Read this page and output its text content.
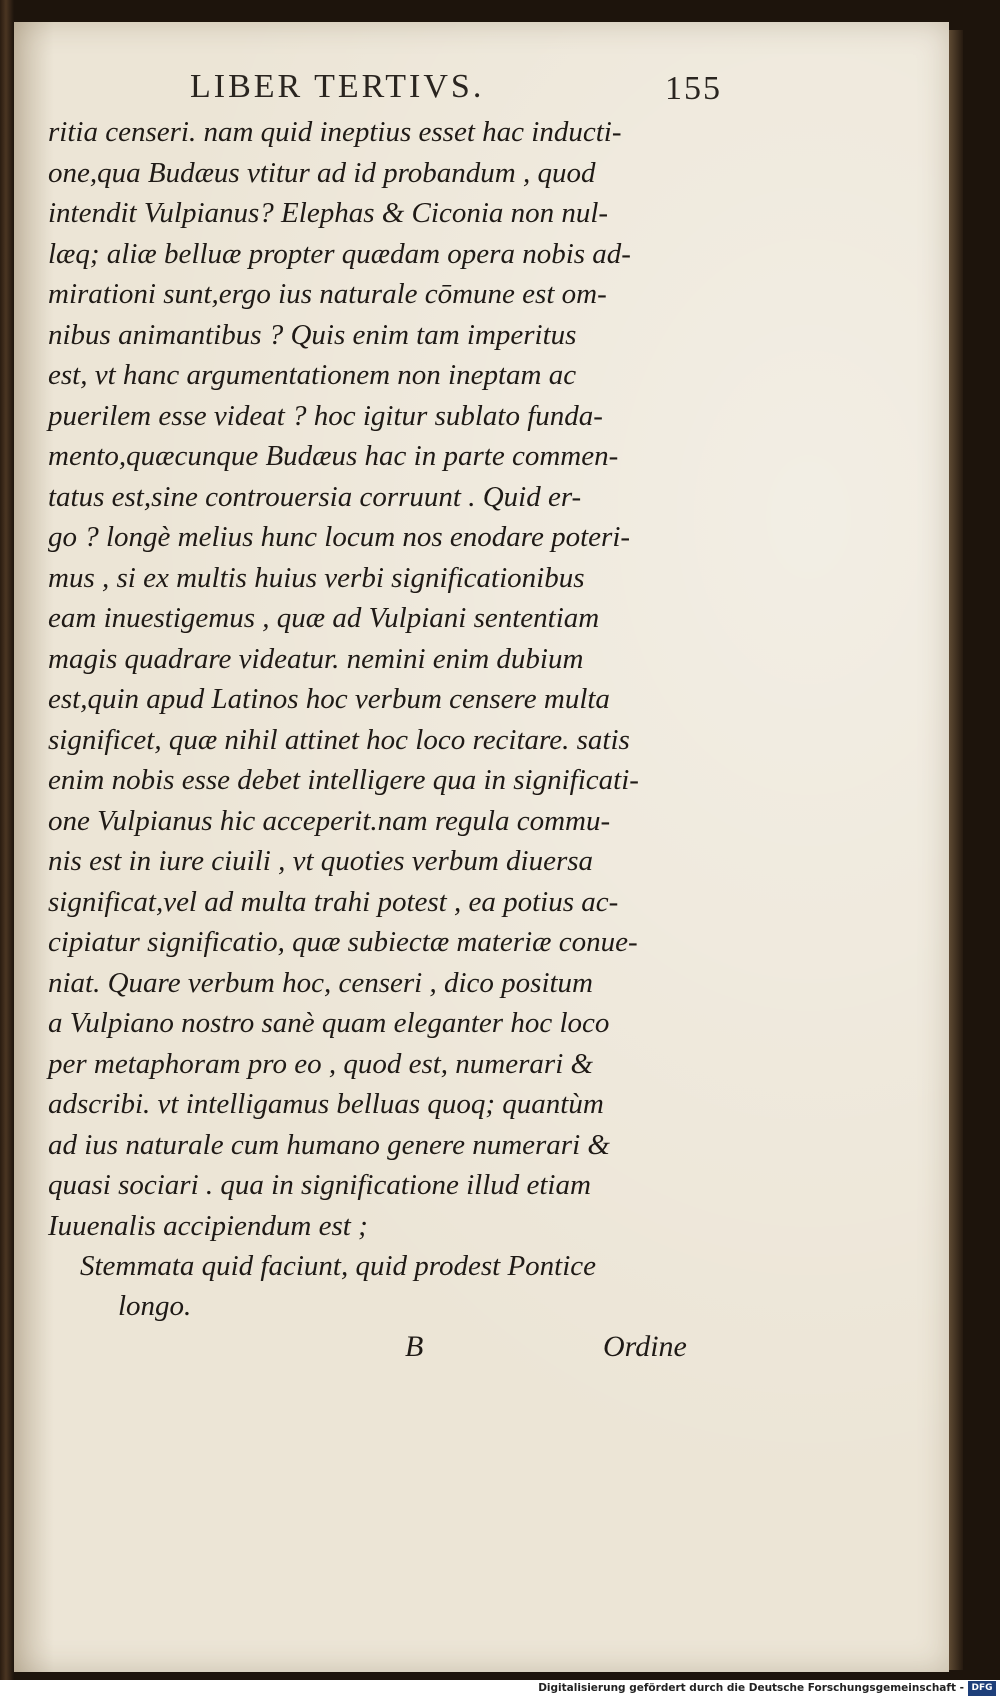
LIBER TERTIVS.	155
ritia censeri. nam quid ineptius esset hac inducti-
one,qua Budæus vtitur ad id probandum , quod
intendit Vulpianus? Elephas & Ciconia non nul-
læq; aliæ belluæ propter quædam opera nobis ad-
mirationi sunt,ergo ius naturale cōmune est om-
nibus animantibus ? Quis enim tam imperitus
est, vt hanc argumentationem non ineptam ac
puerilem esse videat ? hoc igitur sublato funda-
mento,quæcunque Budæus hac in parte commen-
tatus est,sine controuersia corruunt . Quid er-
go ? longè melius hunc locum nos enodare poteri-
mus , si ex multis huius verbi significationibus
eam inuestigemus , quæ ad Vulpiani sententiam
magis quadrare videatur. nemini enim dubium
est,quin apud Latinos hoc verbum censere multa
significet, quæ nihil attinet hoc loco recitare. satis
enim nobis esse debet intelligere qua in significati-
one Vulpianus hic acceperit.nam regula commu-
nis est in iure ciuili , vt quoties verbum diuersa
significat,vel ad multa trahi potest , ea potius ac-
cipiatur significatio, quæ subiectæ materiæ conue-
niat. Quare verbum hoc, censeri , dico positum
a Vulpiano nostro sanè quam eleganter hoc loco
per metaphoram pro eo , quod est, numerari &
adscribi. vt intelligamus belluas quoq; quantùm
ad ius naturale cum humano genere numerari &
quasi sociari . qua in significatione illud etiam
Iuuenalis accipiendum est ;
Stemmata quid faciunt, quid prodest Pontice
longo.
B	Ordine
Digitalisierung gefördert durch die Deutsche Forschungsgemeinschaft - DFG
